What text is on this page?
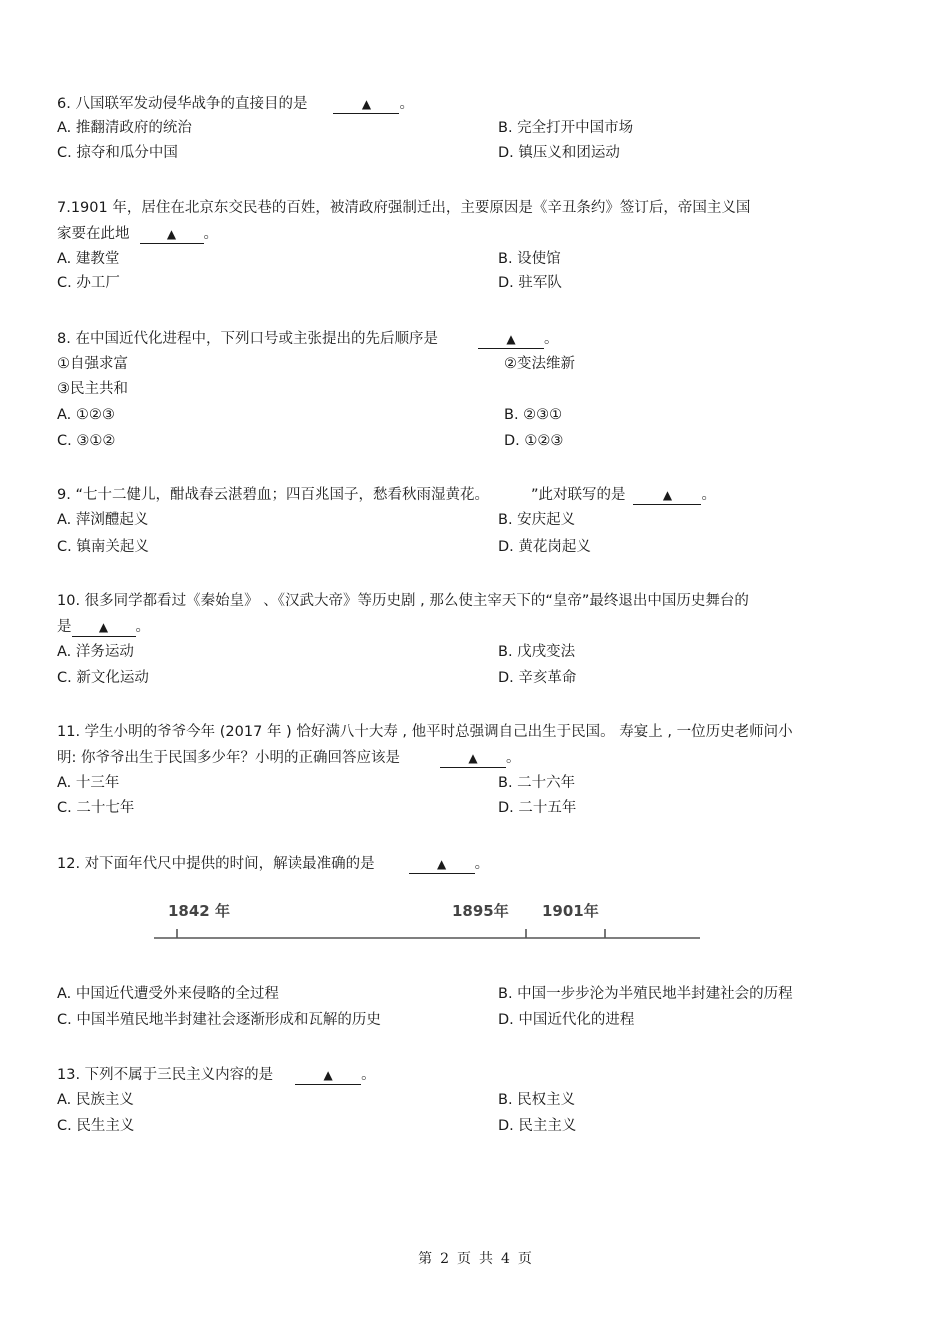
6. 八国联军发动侵华战争的直接目的是	▲ 。
A. 推翻清政府的统治	B. 完全打开中国市场
C. 掠夺和瓜分中国	D. 镇压义和团运动
7.1901 年，居住在北京东交民巷的百姓，被清政府强制迁出，主要原因是《辛丑条约》签订后，帝国主义国
家要在此地	▲ 。
A. 建教堂	B. 设使馆
C. 办工厂	D. 驻军队
8. 在中国近代化进程中，下列口号或主张提出的先后顺序是	▲ 。
①自强求富	②变法维新
③民主共和
A. ①②③	B. ②③①
C. ③①②	D. ①②③
9. “七十二健儿，酣战春云湛碧血；四百兆国子，愁看秋雨湿黄花。	”此对联写的是	▲ 。
A. 萍浏醴起义	B. 安庆起义
C. 镇南关起义	D. 黄花岗起义
10. 很多同学都看过《秦始皇》 、《汉武大帝》等历史剧 , 那么使主宰天下的“皇帝”最终退出中国历史舞台的
是 ▲ 。
A. 洋务运动	B. 戊戌变法
C. 新文化运动	D. 辛亥革命
11. 学生小明的爷爷今年 (2017 年 ) 恰好满八十大寿 , 他平时总强调自己出生于民国。 寿宴上 , 一位历史老师问小
明: 你爷爷出生于民国多少年？小明的正确回答应该是	▲ 。
A. 十三年	B. 二十六年
C. 二十七年	D. 二十五年
12. 对下面年代尺中提供的时间，解读最准确的是	▲ 。
1842 年	1895年 1901年
A. 中国近代遭受外来侵略的全过程	B. 中国一步步沦为半殖民地半封建社会的历程
C. 中国半殖民地半封建社会逐渐形成和瓦解的历史	D. 中国近代化的进程
13. 下列不属于三民主义内容的是	▲ 。
A. 民族主义	B. 民权主义
C. 民生主义	D. 民主主义
第 2 页 共 4 页
